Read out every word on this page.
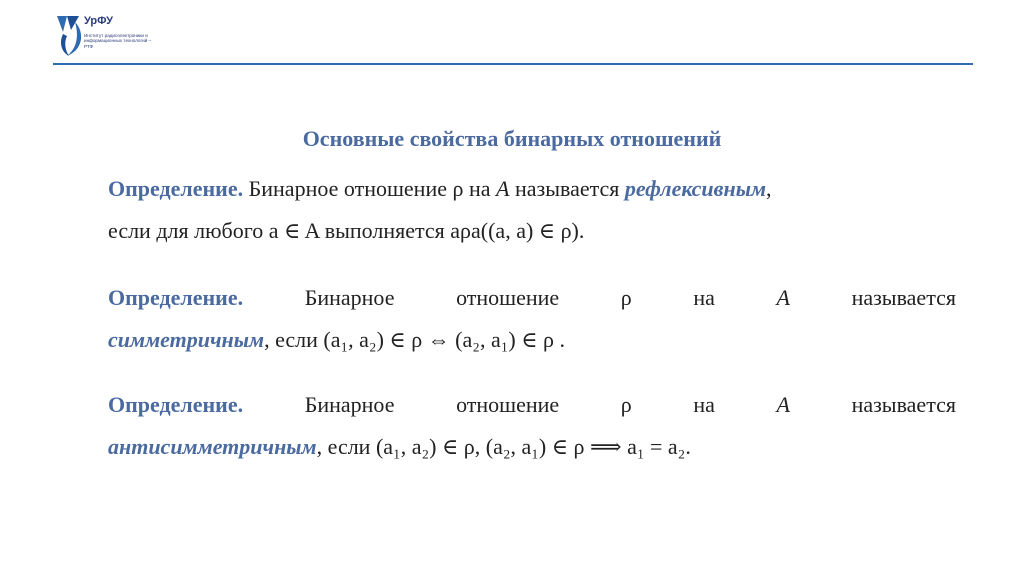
УрФУ
Институт радиоэлектроники и информационных технологий – РТФ
Основные свойства бинарных отношений
Определение. Бинарное отношение ρ на A называется рефлексивным,
если для любого a ∈ A выполняется aρa((a, a) ∈ ρ).
Определение.	Бинарное	отношение	ρ	на	A	называется
симметричным, если (a₁, a₂) ∈ ρ ⇔ (a₂, a₁) ∈ ρ .
Определение.	Бинарное	отношение	ρ	на	A	называется
антисимметричным, если (a₁, a₂) ∈ ρ, (a₂, a₁) ∈ ρ ⟹ a₁ = a₂.
